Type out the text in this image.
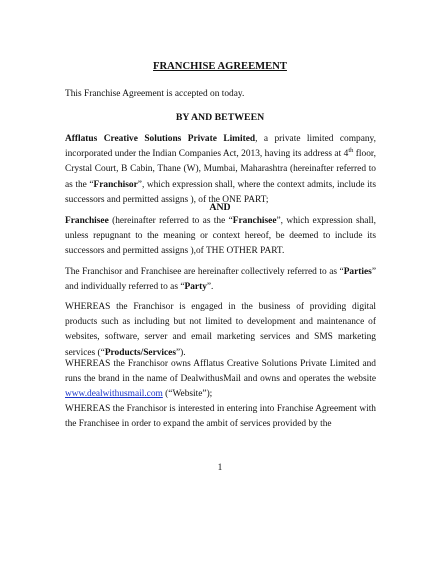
FRANCHISE AGREEMENT
This Franchise Agreement is accepted on today.
BY AND BETWEEN
Afflatus Creative Solutions Private Limited, a private limited company, incorporated under the Indian Companies Act, 2013, having its address at 4th floor, Crystal Court, B Cabin, Thane (W), Mumbai, Maharashtra (hereinafter referred to as the “Franchisor”, which expression shall, where the context admits, include its successors and permitted assigns ), of the ONE PART;
AND
Franchisee (hereinafter referred to as the “Franchisee”, which expression shall, unless repugnant to the meaning or context hereof, be deemed to include its successors and permitted assigns ),of THE OTHER PART.
The Franchisor and Franchisee are hereinafter collectively referred to as “Parties” and individually referred to as “Party”.
WHEREAS the Franchisor is engaged in the business of providing digital products such as including but not limited to development and maintenance of websites, software, server and email marketing services and SMS marketing services (“Products/Services”).
WHEREAS the Franchisor owns Afflatus Creative Solutions Private Limited and runs the brand in the name of DealwithusMail and owns and operates the website www.dealwithusmail.com (“Website”);
WHEREAS the Franchisor is interested in entering into Franchise Agreement with the Franchisee in order to expand the ambit of services provided by the
1
